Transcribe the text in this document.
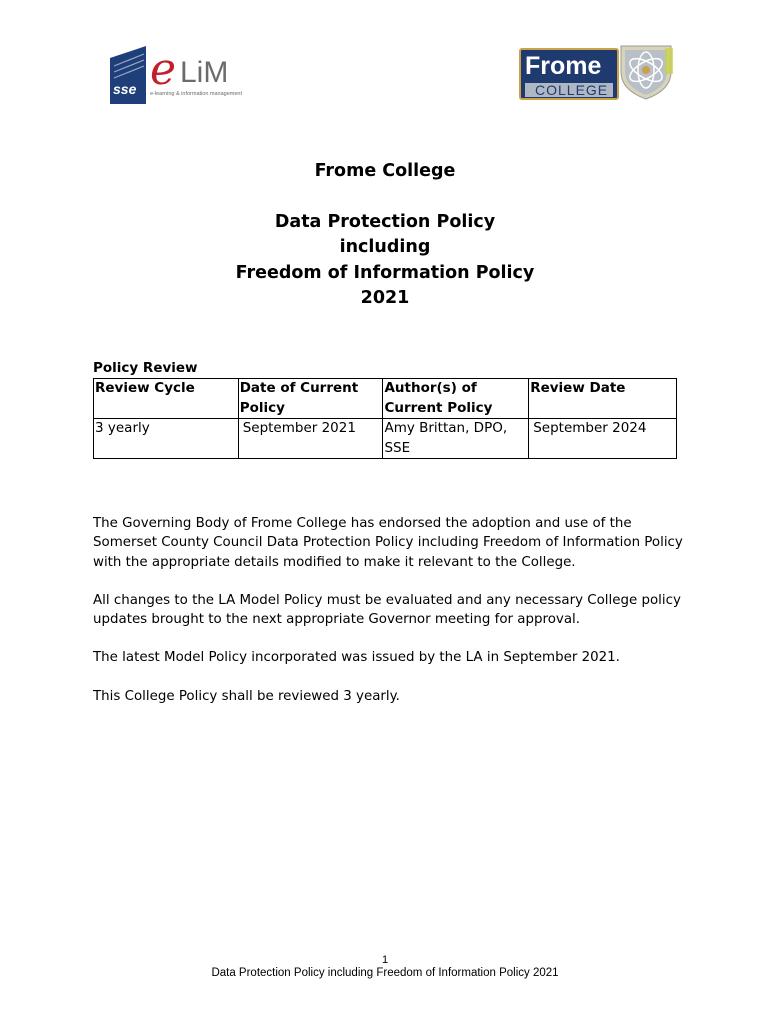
sse e LiM
e-learning & information management
Frome
COLLEGE
Frome College
Data Protection Policy
including
Freedom of Information Policy
2021
Policy Review
Review Cycle	Date of Current Policy	Author(s) of Current Policy	Review Date
3 yearly	September 2021	Amy Brittan, DPO, SSE	September 2024

The Governing Body of Frome College has endorsed the adoption and use of the Somerset County Council Data Protection Policy including Freedom of Information Policy with the appropriate details modified to make it relevant to the College.

All changes to the LA Model Policy must be evaluated and any necessary College policy updates brought to the next appropriate Governor meeting for approval.

The latest Model Policy incorporated was issued by the LA in September 2021.

This College Policy shall be reviewed 3 yearly.

1
Data Protection Policy including Freedom of Information Policy 2021
